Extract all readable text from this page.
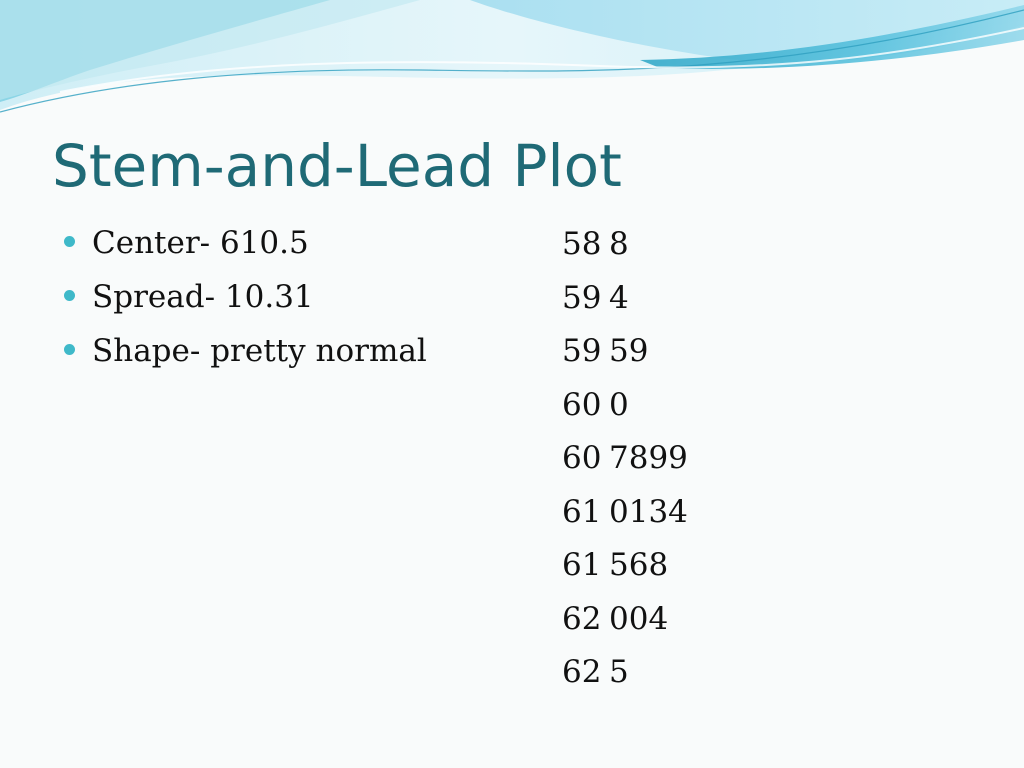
Stem-and-Lead Plot
Center- 610.5
Spread- 10.31
Shape- pretty normal
58 8
59 4
59 59
60 0
60 7899
61 0134
61 568
62 004
62 5
